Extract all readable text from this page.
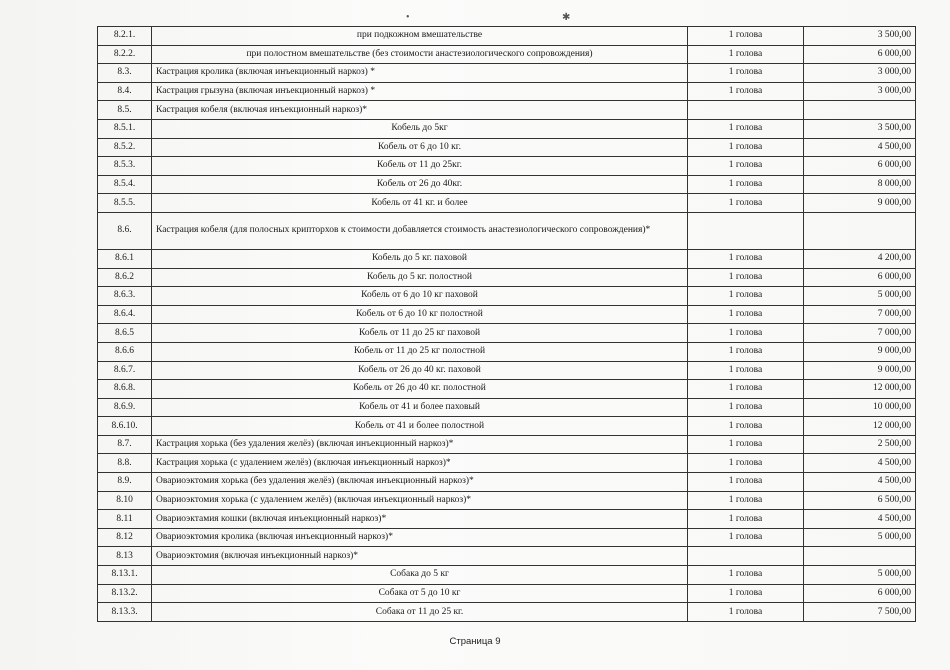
•	✱
8.2.1.	при подкожном вмешательстве	1 голова	3 500,00
8.2.2.	при полостном вмешательстве (без стоимости анастезиологического сопровождения)	1 голова	6 000,00
8.3.	Кастрация кролика (включая инъекционный наркоз) *	1 голова	3 000,00
8.4.	Кастрация грызуна (включая инъекционный наркоз) *	1 голова	3 000,00
8.5.	Кастрация кобеля (включая инъекционный наркоз)*		
8.5.1.	Кобель до 5кг	1 голова	3 500,00
8.5.2.	Кобель от 6 до 10 кг.	1 голова	4 500,00
8.5.3.	Кобель от 11 до 25кг.	1 голова	6 000,00
8.5.4.	Кобель от 26 до 40кг.	1 голова	8 000,00
8.5.5.	Кобель от 41 кг. и более	1 голова	9 000,00
8.6.	Кастрация кобеля (для полосных крипторхов к стоимости добавляется стоимость анастезиологического сопровождения)*		
8.6.1	Кобель до 5 кг. паховой	1 голова	4 200,00
8.6.2	Кобель до 5 кг. полостной	1 голова	6 000,00
8.6.3.	Кобель от 6 до 10 кг паховой	1 голова	5 000,00
8.6.4.	Кобель от 6 до 10 кг полостной	1 голова	7 000,00
8.6.5	Кобель от 11 до 25 кг паховой	1 голова	7 000,00
8.6.6	Кобель от 11 до 25 кг полостной	1 голова	9 000,00
8.6.7.	Кобель от 26 до 40 кг. паховой	1 голова	9 000,00
8.6.8.	Кобель от 26 до 40 кг. полостной	1 голова	12 000,00
8.6.9.	Кобель от 41 и более паховый	1 голова	10 000,00
8.6.10.	Кобель от 41 и более полостной	1 голова	12 000,00
8.7.	Кастрация хорька (без удаления желёз) (включая инъекционный наркоз)*	1 голова	2 500,00
8.8.	Кастрация хорька (с удалением желёз) (включая инъекционный наркоз)*	1 голова	4 500,00
8.9.	Овариоэктомия хорька (без удаления желёз) (включая инъекционный наркоз)*	1 голова	4 500,00
8.10	Овариоэктомия хорька (с удалением желёз) (включая инъекционный наркоз)*	1 голова	6 500,00
8.11	Овариоэктамия кошки (включая инъекционный наркоз)*	1 голова	4 500,00
8.12	Овариоэктомия кролика (включая инъекционный наркоз)*	1 голова	5 000,00
8.13	Овариоэктомия (включая инъекционный наркоз)*		
8.13.1.	Собака до 5 кг	1 голова	5 000,00
8.13.2.	Собака от 5 до 10 кг	1 голова	6 000,00
8.13.3.	Собака от 11 до 25 кг.	1 голова	7 500,00
Страница 9
